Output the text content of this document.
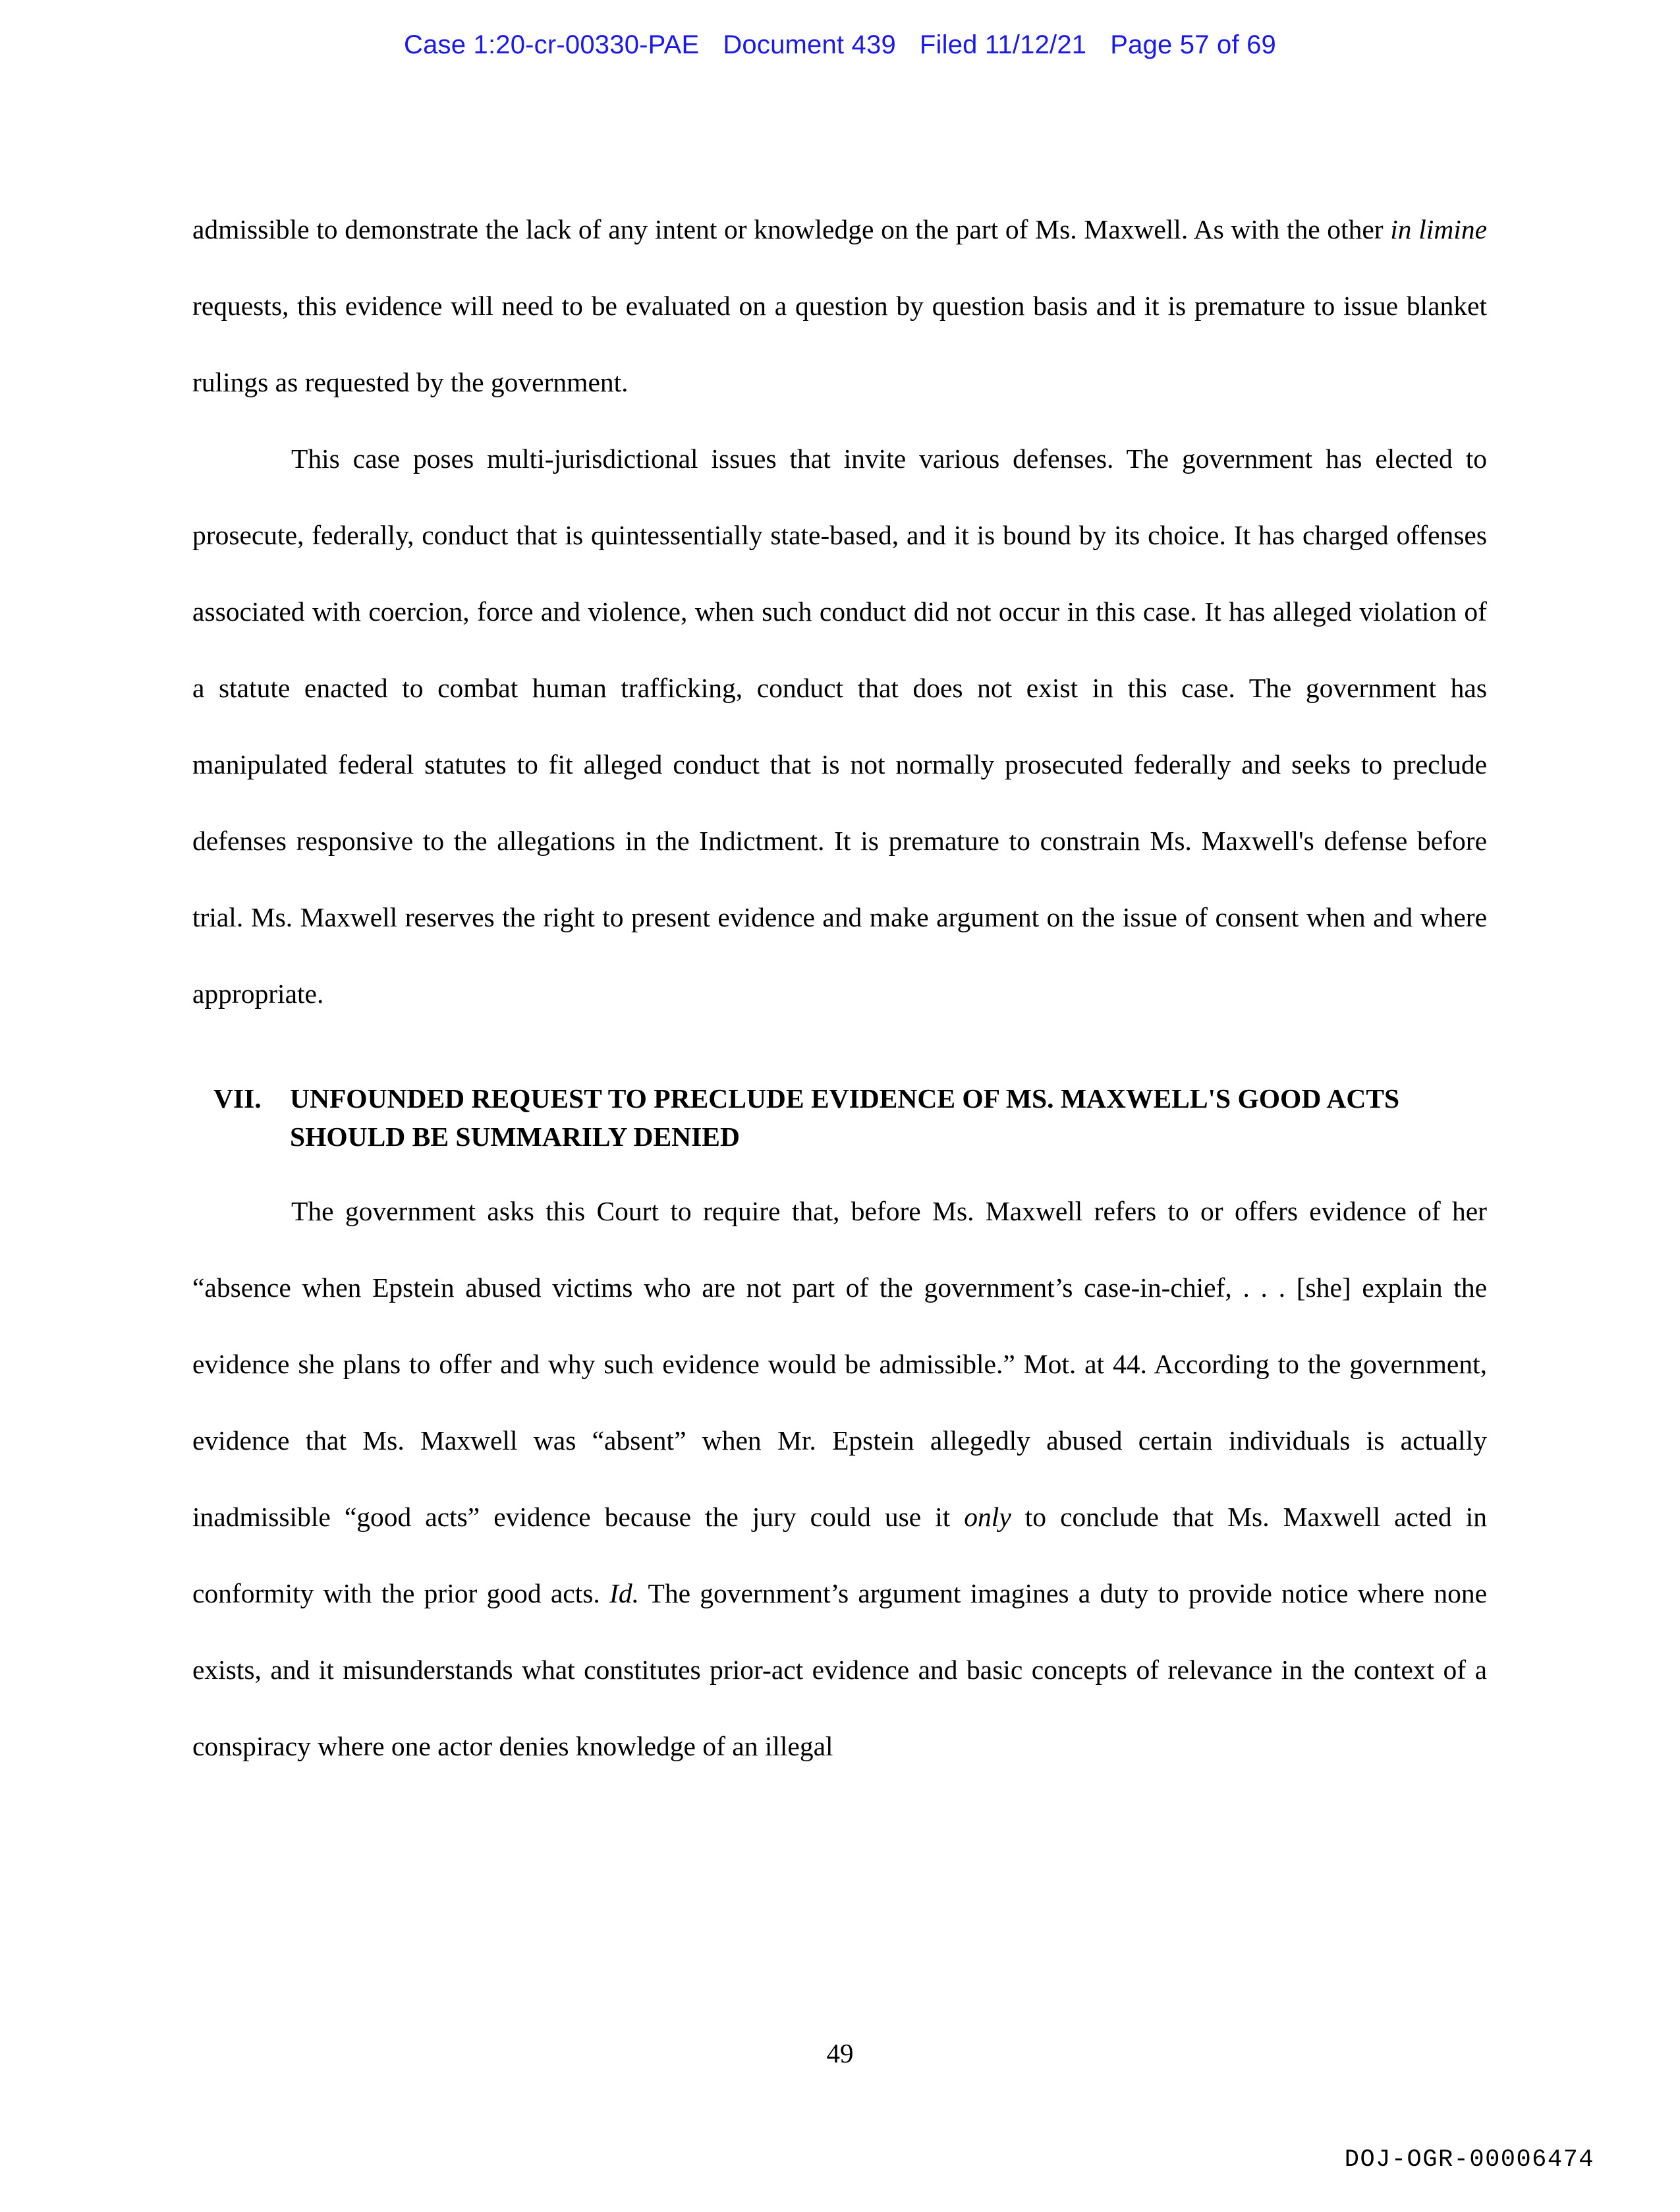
Case 1:20-cr-00330-PAE Document 439 Filed 11/12/21 Page 57 of 69

admissible to demonstrate the lack of any intent or knowledge on the part of Ms. Maxwell. As with the other in limine requests, this evidence will need to be evaluated on a question by question basis and it is premature to issue blanket rulings as requested by the government.

This case poses multi-jurisdictional issues that invite various defenses. The government has elected to prosecute, federally, conduct that is quintessentially state-based, and it is bound by its choice. It has charged offenses associated with coercion, force and violence, when such conduct did not occur in this case. It has alleged violation of a statute enacted to combat human trafficking, conduct that does not exist in this case. The government has manipulated federal statutes to fit alleged conduct that is not normally prosecuted federally and seeks to preclude defenses responsive to the allegations in the Indictment. It is premature to constrain Ms. Maxwell's defense before trial. Ms. Maxwell reserves the right to present evidence and make argument on the issue of consent when and where appropriate.

VII.	UNFOUNDED REQUEST TO PRECLUDE EVIDENCE OF MS. MAXWELL'S GOOD ACTS SHOULD BE SUMMARILY DENIED

The government asks this Court to require that, before Ms. Maxwell refers to or offers evidence of her “absence when Epstein abused victims who are not part of the government’s case-in-chief, . . . [she] explain the evidence she plans to offer and why such evidence would be admissible.” Mot. at 44. According to the government, evidence that Ms. Maxwell was “absent” when Mr. Epstein allegedly abused certain individuals is actually inadmissible “good acts” evidence because the jury could use it only to conclude that Ms. Maxwell acted in conformity with the prior good acts. Id. The government’s argument imagines a duty to provide notice where none exists, and it misunderstands what constitutes prior-act evidence and basic concepts of relevance in the context of a conspiracy where one actor denies knowledge of an illegal

49
DOJ-OGR-00006474
